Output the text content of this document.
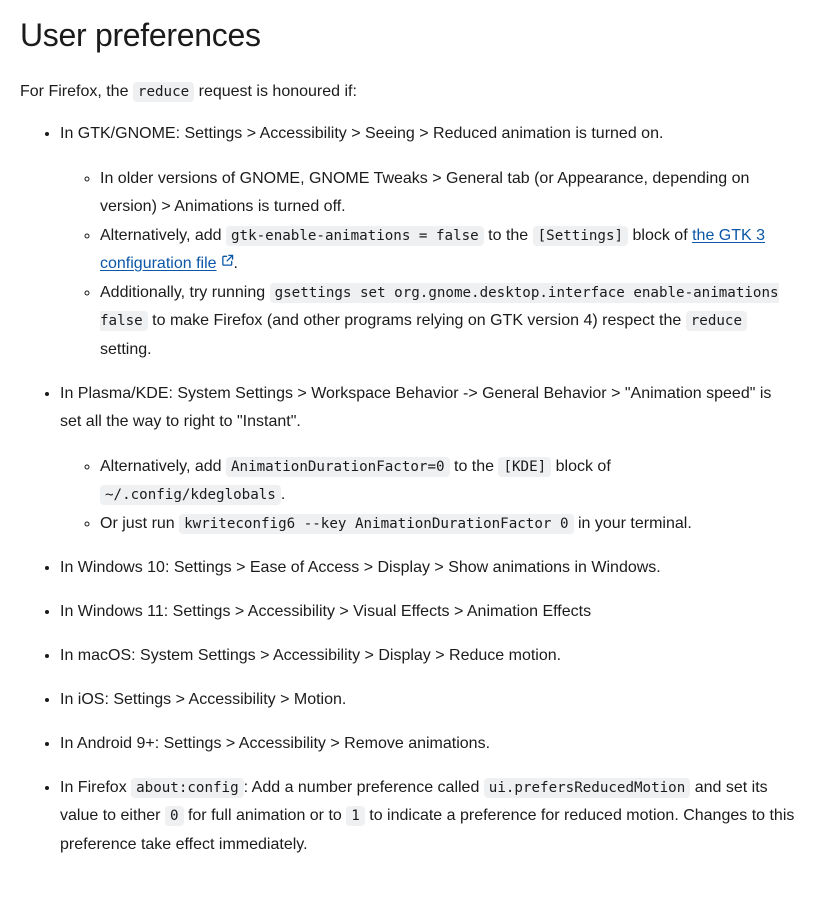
User preferences

For Firefox, the reduce request is honoured if:

• In GTK/GNOME: Settings > Accessibility > Seeing > Reduced animation is turned on.
◦ In older versions of GNOME, GNOME Tweaks > General tab (or Appearance, depending on version) > Animations is turned off.
◦ Alternatively, add gtk-enable-animations = false to the [Settings] block of the GTK 3 configuration file .
◦ Additionally, try running gsettings set org.gnome.desktop.interface enable-animations false to make Firefox (and other programs relying on GTK version 4) respect the reduce setting.
• In Plasma/KDE: System Settings > Workspace Behavior -> General Behavior > "Animation speed" is set all the way to right to "Instant".
◦ Alternatively, add AnimationDurationFactor=0 to the [KDE] block of ~/.config/kdeglobals .
◦ Or just run kwriteconfig6 --key AnimationDurationFactor 0 in your terminal.
• In Windows 10: Settings > Ease of Access > Display > Show animations in Windows.
• In Windows 11: Settings > Accessibility > Visual Effects > Animation Effects
• In macOS: System Settings > Accessibility > Display > Reduce motion.
• In iOS: Settings > Accessibility > Motion.
• In Android 9+: Settings > Accessibility > Remove animations.
• In Firefox about:config : Add a number preference called ui.prefersReducedMotion and set its value to either 0 for full animation or to 1 to indicate a preference for reduced motion. Changes to this preference take effect immediately.
